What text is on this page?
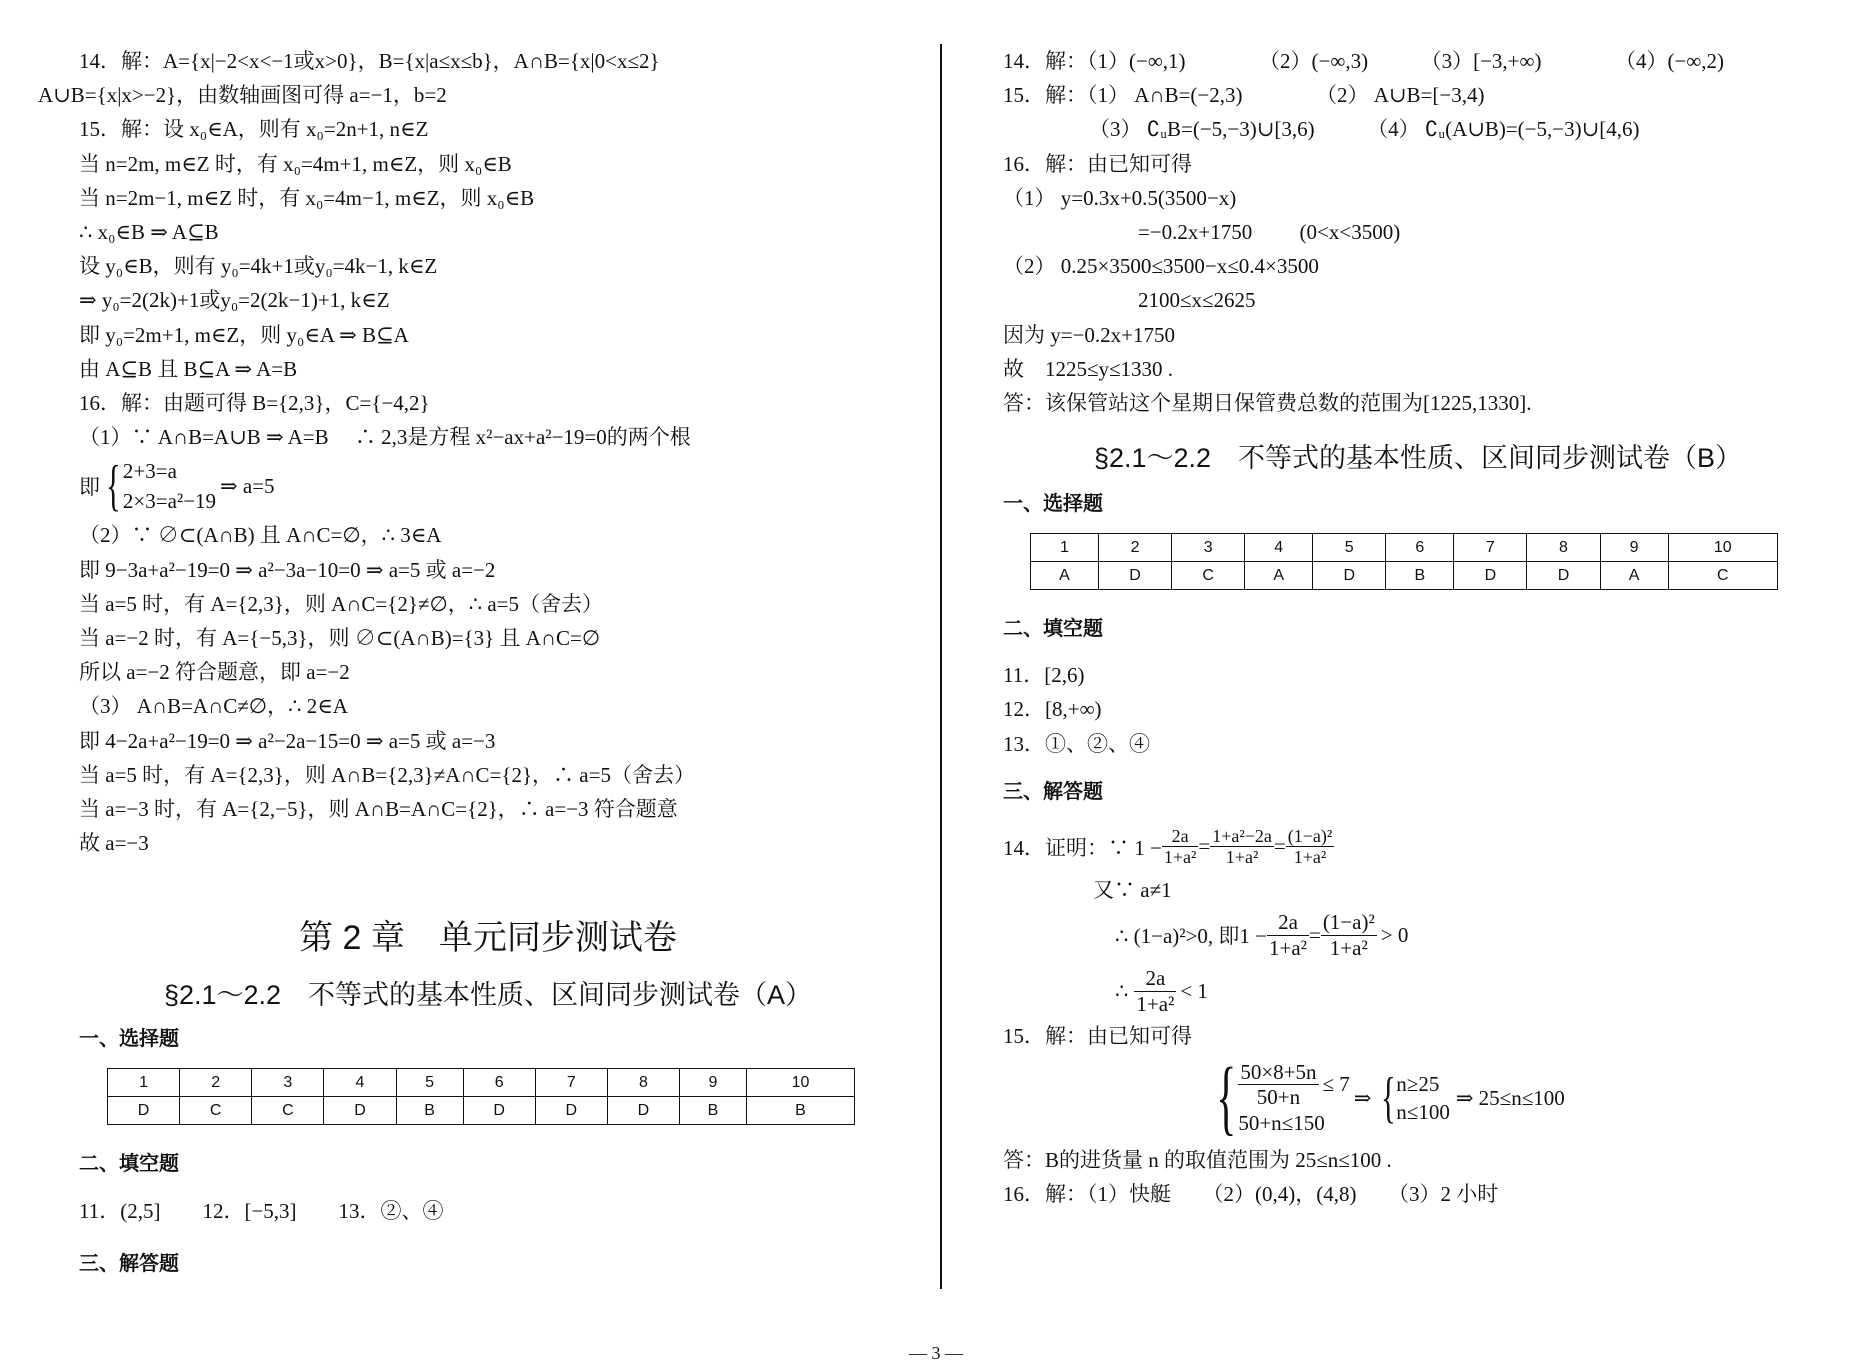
14．解：A={x|−2<x<−1或x>0}，B={x|a≤x≤b}，A∩B={x|0<x≤2}
A∪B={x|x>−2}，由数轴画图可得 a=−1，b=2
15．解：设 x₀∈A，则有 x₀=2n+1, n∈Z
当 n=2m, m∈Z 时，有 x₀=4m+1, m∈Z，则 x₀∈B
当 n=2m−1, m∈Z 时，有 x₀=4m−1, m∈Z，则 x₀∈B
∴ x₀∈B ⇒ A⊆B
设 y₀∈B，则有 y₀=4k+1或y₀=4k−1, k∈Z
⇒ y₀=2(2k)+1或y₀=2(2k−1)+1, k∈Z
即 y₀=2m+1, m∈Z，则 y₀∈A ⇒ B⊆A
由 A⊆B 且 B⊆A ⇒ A=B
16．解：由题可得 B={2,3}，C={−4,2}
（1）∵ A∩B=A∪B ⇒ A=B　 ∴ 2,3是方程 x²−ax+a²−19=0的两个根
即 { 2+3=a
2×3=a²−19
⇒ a=5
（2）∵ ∅⊂(A∩B) 且 A∩C=∅，∴ 3∈A
即 9−3a+a²−19=0 ⇒ a²−3a−10=0 ⇒ a=5 或 a=−2
当 a=5 时，有 A={2,3}，则 A∩C={2}≠∅，∴ a=5（舍去）
当 a=−2 时，有 A={−5,3}，则 ∅⊂(A∩B)={3} 且 A∩C=∅
所以 a=−2 符合题意，即 a=−2
（3） A∩B=A∩C≠∅，∴ 2∈A
即 4−2a+a²−19=0 ⇒ a²−2a−15=0 ⇒ a=5 或 a=−3
当 a=5 时，有 A={2,3}，则 A∩B={2,3}≠A∩C={2}，∴ a=5（舍去）
当 a=−3 时，有 A={2,−5}，则 A∩B=A∩C={2}，∴ a=−3 符合题意
故 a=−3
第 2 章　单元同步测试卷
§2.1～2.2　不等式的基本性质、区间同步测试卷（A）
一、选择题
1	2	3	4	5	6	7	8	9	10
D	C	C	D	B	D	D	D	B	B
二、填空题
11．(2,5]　　12．[−5,3]　　13．②、④
三、解答题
14．解：（1）(−∞,1)　　　　（2）(−∞,3)　　　（3）[−3,+∞)　　　　（4）(−∞,2)
15．解：（1） A∩B=(−2,3)　　　　（2） A∪B=[−3,4)
（3） ∁ᵤB=(−5,−3)∪[3,6)　　　（4） ∁ᵤ(A∪B)=(−5,−3)∪[4,6)
16．解：由已知可得
（1） y=0.3x+0.5(3500−x)
=−0.2x+1750　　 (0<x<3500)
（2） 0.25×3500≤3500−x≤0.4×3500
2100≤x≤2625
因为 y=−0.2x+1750
故　1225≤y≤1330 .
答：该保管站这个星期日保管费总数的范围为[1225,1330].
§2.1～2.2　不等式的基本性质、区间同步测试卷（B）
一、选择题
1	2	3	4	5	6	7	8	9	10
A	D	C	A	D	B	D	D	A	C
二、填空题
11．[2,6)
12．[8,+∞)
13．①、②、④
三、解答题
14．证明：∵ $1 - \frac{2a}{\text{1+a²}} = \frac{\text{1+a²−2a}}{\text{1+a²}} = \frac{\text{(1−a)²}}{\text{1+a²}}$
又∵ a≠1
∴ (1−a)²>0, 即$1 - \frac{2a}{\text{1+a²}} = \frac{\text{(1−a)²}}{\text{1+a²}} > 0$
∴ $\frac{2a}{\text{1+a²}} < 1$
15．解：由已知可得
{ $\frac{50\times 8+5n}{50+n} \le 7$
50+n≤150
⇒ { n≥25
n≤100
⇒ 25≤n≤100
答：B的进货量 n 的取值范围为 25≤n≤100 .
16．解：（1）快艇　　（2）(0,4)，(4,8)　　（3）2 小时
— 3 —
